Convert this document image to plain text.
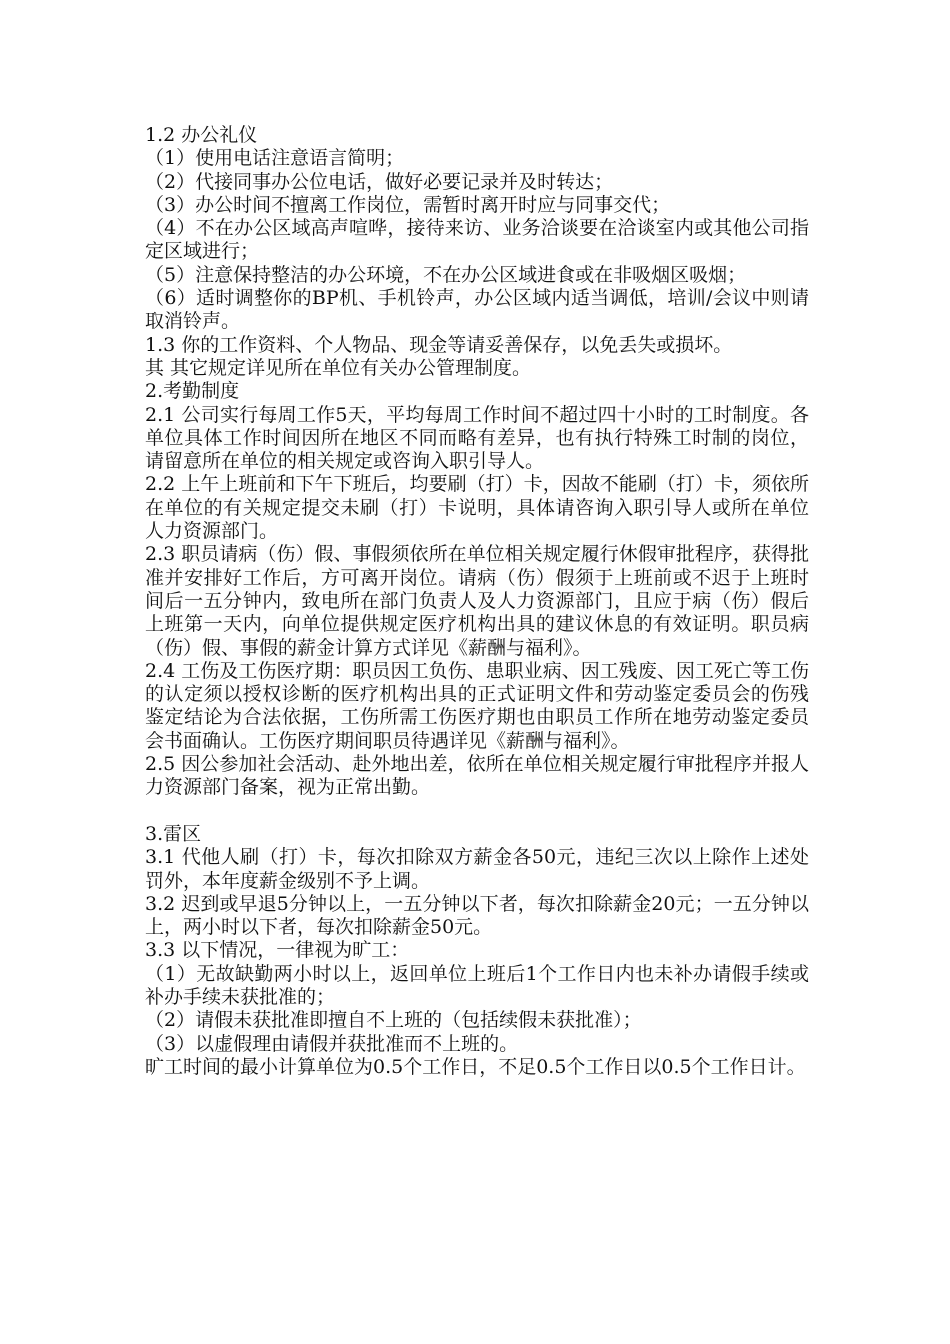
1.2 办公礼仪

（1）使用电话注意语言简明；

（2）代接同事办公位电话，做好必要记录并及时转达；

（3）办公时间不擅离工作岗位，需暂时离开时应与同事交代；

（4）不在办公区域高声喧哗，接待来访、业务洽谈要在洽谈室内或其他公司指定区域进行；

（5）注意保持整洁的办公环境，不在办公区域进食或在非吸烟区吸烟；

（6）适时调整你的BP机、手机铃声，办公区域内适当调低，培训/会议中则请取消铃声。

1.3 你的工作资料、个人物品、现金等请妥善保存，以免丢失或损坏。

其 其它规定详见所在单位有关办公管理制度。

2.考勤制度

2.1 公司实行每周工作5天，平均每周工作时间不超过四十小时的工时制度。各单位具体工作时间因所在地区不同而略有差异，也有执行特殊工时制的岗位，请留意所在单位的相关规定或咨询入职引导人。

2.2 上午上班前和下午下班后，均要刷（打）卡，因故不能刷（打）卡，须依所在单位的有关规定提交未刷（打）卡说明，具体请咨询入职引导人或所在单位人力资源部门。

2.3 职员请病（伤）假、事假须依所在单位相关规定履行休假审批程序，获得批准并安排好工作后，方可离开岗位。请病（伤）假须于上班前或不迟于上班时间后一五分钟内，致电所在部门负责人及人力资源部门，且应于病（伤）假后上班第一天内，向单位提供规定医疗机构出具的建议休息的有效证明。职员病（伤）假、事假的薪金计算方式详见《薪酬与福利》。

2.4 工伤及工伤医疗期：职员因工负伤、患职业病、因工残废、因工死亡等工伤的认定须以授权诊断的医疗机构出具的正式证明文件和劳动鉴定委员会的伤残鉴定结论为合法依据，工伤所需工伤医疗期也由职员工作所在地劳动鉴定委员会书面确认。工伤医疗期间职员待遇详见《薪酬与福利》。

2.5 因公参加社会活动、赴外地出差，依所在单位相关规定履行审批程序并报人力资源部门备案，视为正常出勤。

3.雷区

3.1 代他人刷（打）卡，每次扣除双方薪金各50元，违纪三次以上除作上述处罚外，本年度薪金级别不予上调。

3.2 迟到或早退5分钟以上，一五分钟以下者，每次扣除薪金20元；一五分钟以上，两小时以下者，每次扣除薪金50元。

3.3 以下情况，一律视为旷工：

（1）无故缺勤两小时以上，返回单位上班后1个工作日内也未补办请假手续或补办手续未获批准的；

（2）请假未获批准即擅自不上班的（包括续假未获批准）；

（3）以虚假理由请假并获批准而不上班的。

旷工时间的最小计算单位为0.5个工作日，不足0.5个工作日以0.5个工作日计。
